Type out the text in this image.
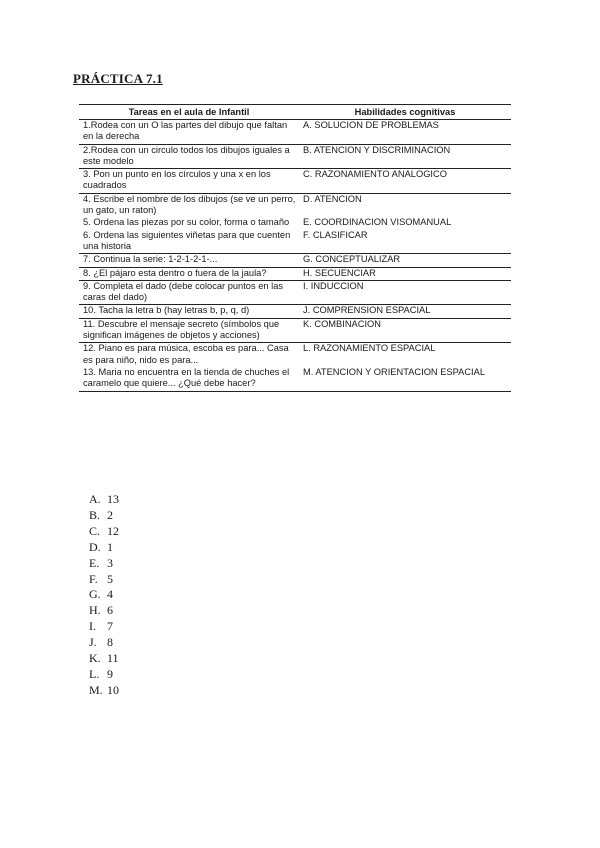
PRÁCTICA 7.1
Tareas en el aula de Infantil	Habilidades cognitivas
1.Rodea con un O las partes del dibujo que faltan en la derecha	A. SOLUCION DE PROBLEMAS
2.Rodea con un circulo todos los dibujos iguales a este modelo	B. ATENCION Y DISCRIMINACION
3. Pon un punto en los círculos y una x en los cuadrados	C. RAZONAMIENTO ANALOGICO
4. Escribe el nombre de los dibujos (se ve un perro, un gato, un raton)	D. ATENCION
5. Ordena las piezas por su color, forma o tamaño	E. COORDINACION VISOMANUAL
6. Ordena las siguientes viñetas para que cuenten una historia	F. CLASIFICAR
7. Continua la serie: 1-2-1-2-1-...	G. CONCEPTUALIZAR
8. ¿El pájaro esta dentro o fuera de la jaula?	H. SECUENCIAR
9. Completa el dado (debe colocar puntos en las caras del dado)	I. INDUCCION
10. Tacha la letra b (hay letras b, p, q, d)	J. COMPRENSION ESPACIAL
11. Descubre el mensaje secreto (símbolos que significan imágenes de objetos y acciones)	K. COMBINACION
12. Piano es para música, escoba es para... Casa es para niño, nido es para...	L. RAZONAMIENTO ESPACIAL
13. Maria no encuentra en la tienda de chuches el caramelo que quiere... ¿Qué debe hacer?	M. ATENCION Y ORIENTACION ESPACIAL
A. 13
B. 2
C. 12
D. 1
E. 3
F. 5
G. 4
H. 6
I. 7
J. 8
K. 11
L. 9
M. 10
